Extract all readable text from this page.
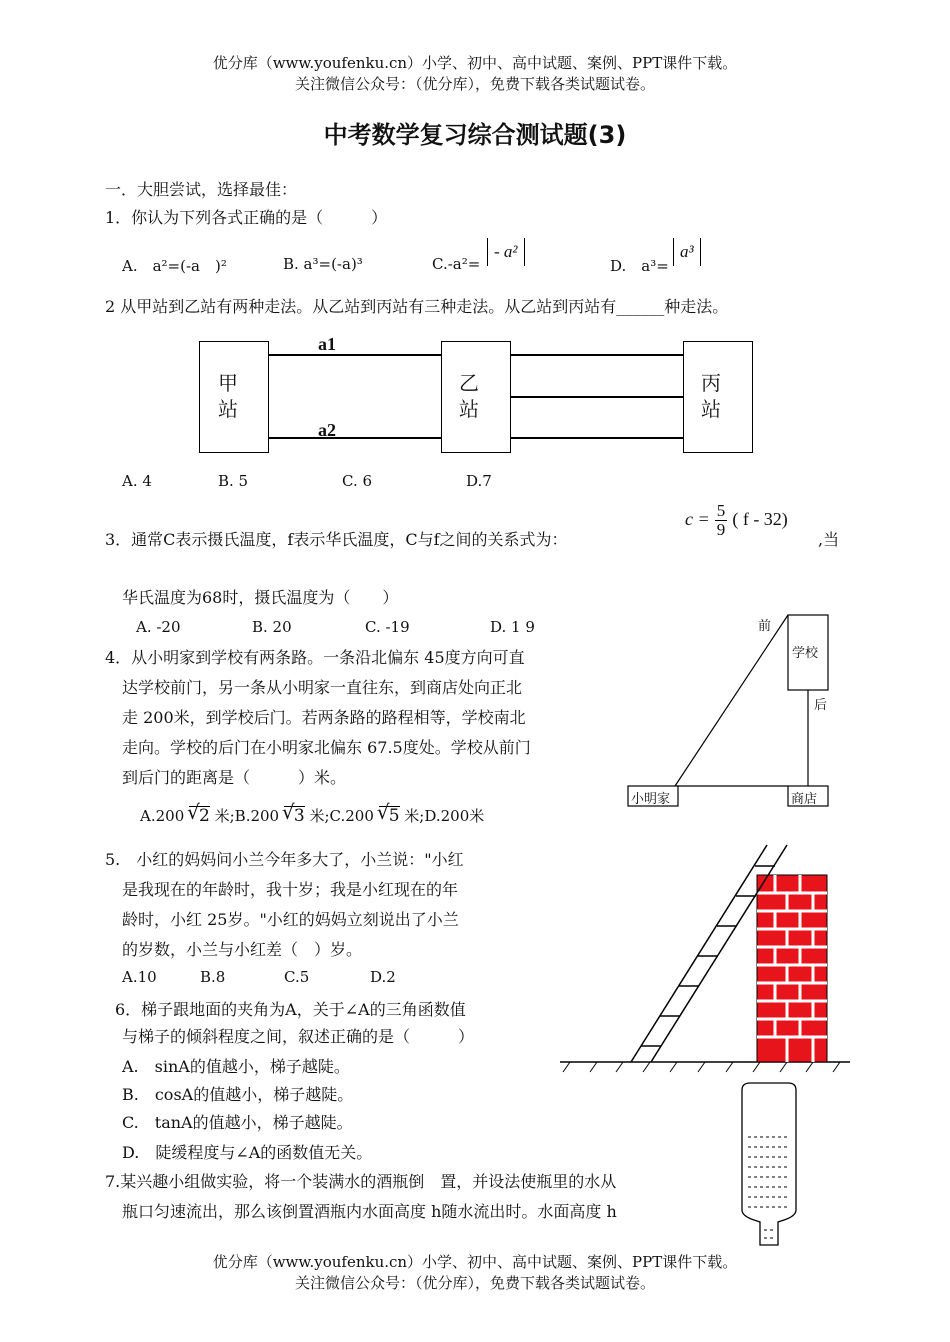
优分库（www.youfenku.cn）小学、初中、高中试题、案例、PPT课件下载。
关注微信公众号：（优分库），免费下载各类试题试卷。
中考数学复习综合测试题(3)
一．大胆尝试，选择最佳：
1．你认为下列各式正确的是（　　　）
A.　a²=(-a　)²	B. a³=(-a)³	C.-a²=
- a²
D.　a³=
a³
2 从甲站到乙站有两种走法。从乙站到丙站有三种走法。从乙站到丙站有______种走法。
甲站
乙站
丙站
a1
a2
A. 4	B. 5	C. 6	D.7
3．通常C表示摄氏温度，f表示华氏温度，C与f之间的关系式为：
$c = \frac{5}{9}$ ( f - 32)
,当
华氏温度为68时，摄氏温度为（　　）
A. -20	B. 20	C. -19	D. 1 9
4．从小明家到学校有两条路。一条沿北偏东 45度方向可直
达学校前门，另一条从小明家一直往东，到商店处向正北
走 200米，到学校后门。若两条路的路程相等，学校南北
走向。学校的后门在小明家北偏东 67.5度处。学校从前门
到后门的距离是（　　　）米。
A.200 √ 2 米;B.200 √ 3 米;C.200 √ 5 米;D.200米
前
学校
后
小明家	商店
5.　小红的妈妈问小兰今年多大了，小兰说："小红
是我现在的年龄时，我十岁；我是小红现在的年
龄时，小红 25岁。"小红的妈妈立刻说出了小兰
的岁数，小兰与小红差（　）岁。
A.10	B.8	C.5	D.2
6．梯子跟地面的夹角为A，关于∠A的三角函数值
与梯子的倾斜程度之间，叙述正确的是（　　　）
A.　sinA的值越小，梯子越陡。
B.　cosA的值越小，梯子越陡。
C.　tanA的值越小，梯子越陡。
D.　陡缓程度与∠A的函数值无关。
7.某兴趣小组做实验，将一个装满水的酒瓶倒　置，并设法使瓶里的水从
瓶口匀速流出，那么该倒置酒瓶内水面高度 h随水流出时。水面高度 h
优分库（www.youfenku.cn）小学、初中、高中试题、案例、PPT课件下载。
关注微信公众号：（优分库），免费下载各类试题试卷。
